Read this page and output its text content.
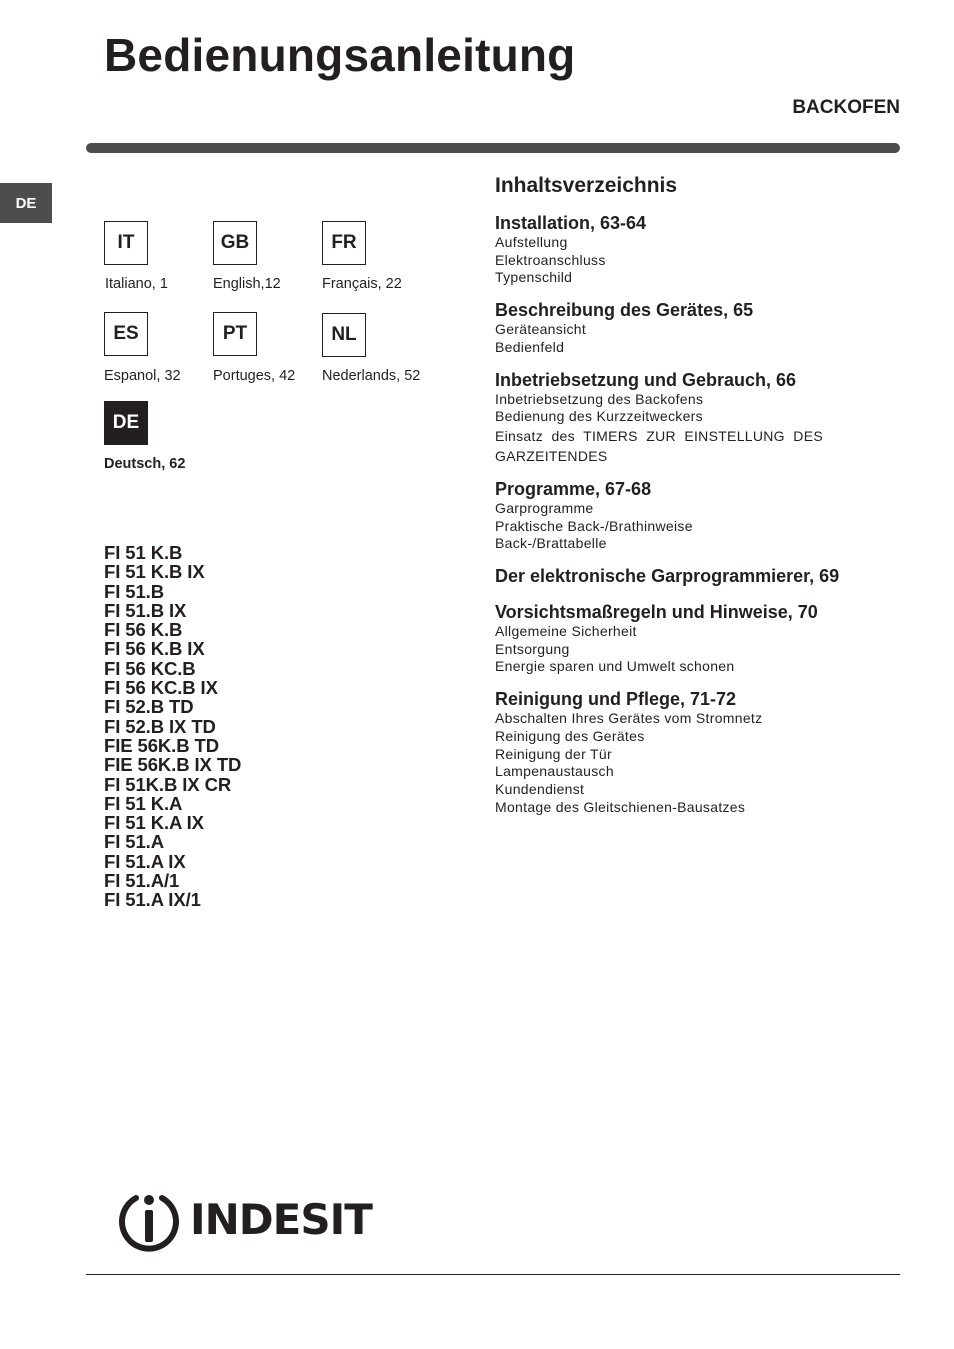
Bedienungsanleitung
BACKOFEN
DE
IT
Italiano, 1
GB
English,12
FR
Français, 22
ES
Espanol, 32
PT
Portuges, 42
NL
Nederlands, 52
DE
Deutsch, 62
FI 51 K.B
FI 51 K.B IX
FI 51.B
FI 51.B IX
FI 56 K.B
FI 56 K.B IX
FI 56 KC.B
FI 56 KC.B IX
FI 52.B TD
FI 52.B IX TD
FIE 56K.B TD
FIE 56K.B IX TD
FI 51K.B IX CR
FI 51 K.A
FI 51 K.A IX
FI 51.A
FI 51.A IX
FI 51.A/1
FI 51.A IX/1
Inhaltsverzeichnis
Installation, 63-64
Aufstellung
Elektroanschluss
Typenschild
Beschreibung des Gerätes, 65
Geräteansicht
Bedienfeld
Inbetriebsetzung und Gebrauch, 66
Inbetriebsetzung des Backofens
Bedienung des Kurzzeitweckers
Einsatz des TIMERS ZUR EINSTELLUNG DES GARZEITENDES
Programme, 67-68
Garprogramme
Praktische Back-/Brathinweise
Back-/Brattabelle
Der elektronische Garprogrammierer, 69
Vorsichtsmaßregeln und Hinweise, 70
Allgemeine Sicherheit
Entsorgung
Energie sparen und Umwelt schonen
Reinigung und Pflege, 71-72
Abschalten Ihres Gerätes vom Stromnetz
Reinigung des Gerätes
Reinigung der Tür
Lampenaustausch
Kundendienst
Montage des Gleitschienen-Bausatzes
INDESIT
